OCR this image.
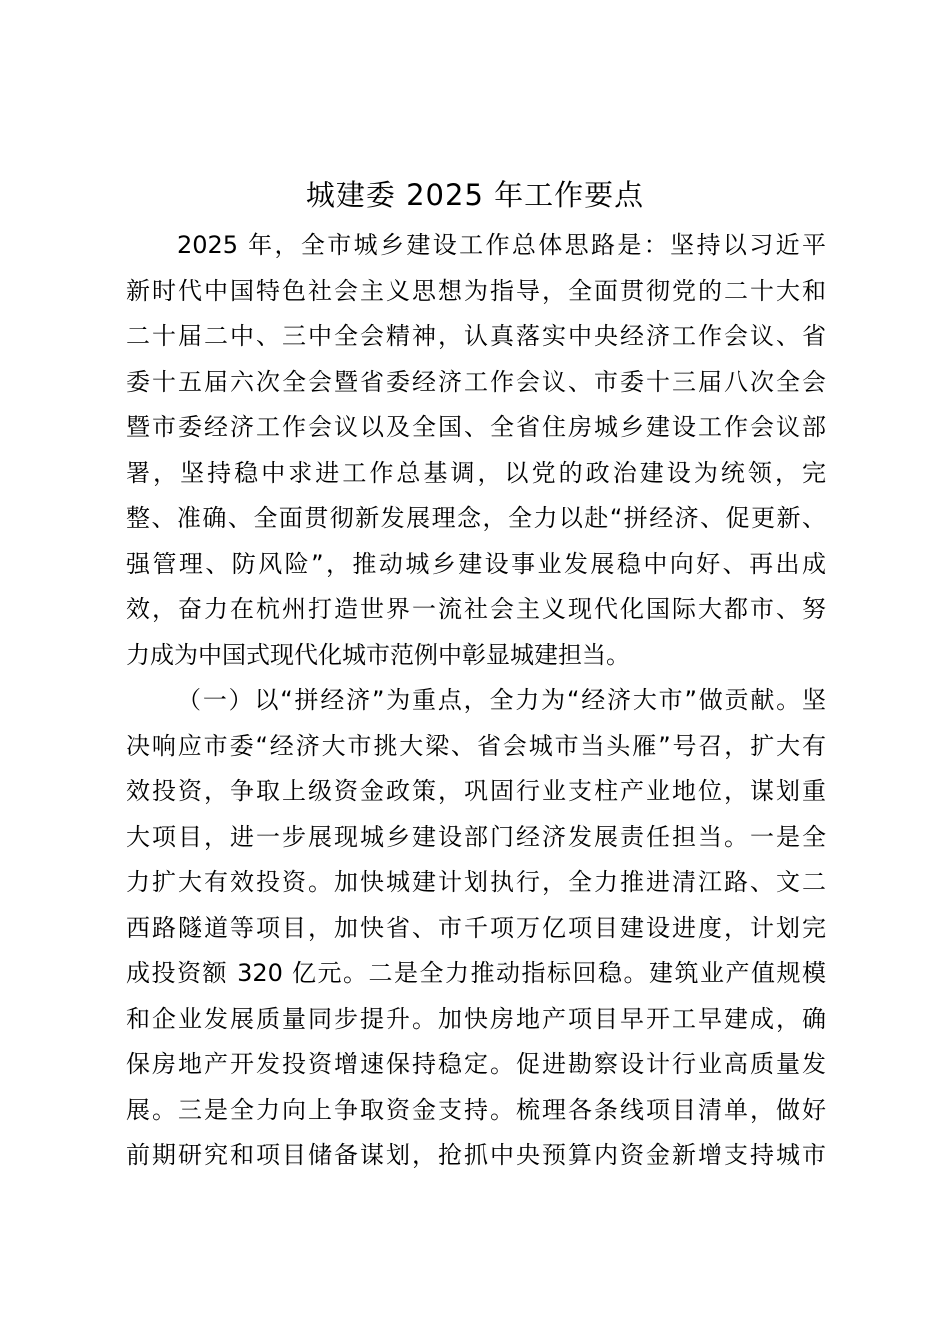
城建委 2025 年工作要点
2025 年，全市城乡建设工作总体思路是：坚持以习近平
新时代中国特色社会主义思想为指导，全面贯彻党的二十大和
二十届二中、三中全会精神，认真落实中央经济工作会议、省
委十五届六次全会暨省委经济工作会议、市委十三届八次全会
暨市委经济工作会议以及全国、全省住房城乡建设工作会议部
署，坚持稳中求进工作总基调，以党的政治建设为统领，完
整、准确、全面贯彻新发展理念，全力以赴“拼经济、促更新、
强管理、防风险”，推动城乡建设事业发展稳中向好、再出成
效，奋力在杭州打造世界一流社会主义现代化国际大都市、努
力成为中国式现代化城市范例中彰显城建担当。
（一）以“拼经济”为重点，全力为“经济大市”做贡献。坚
决响应市委“经济大市挑大梁、省会城市当头雁”号召，扩大有
效投资，争取上级资金政策，巩固行业支柱产业地位，谋划重
大项目，进一步展现城乡建设部门经济发展责任担当。一是全
力扩大有效投资。加快城建计划执行，全力推进清江路、文二
西路隧道等项目，加快省、市千项万亿项目建设进度，计划完
成投资额 320 亿元。二是全力推动指标回稳。建筑业产值规模
和企业发展质量同步提升。加快房地产项目早开工早建成，确
保房地产开发投资增速保持稳定。促进勘察设计行业高质量发
展。三是全力向上争取资金支持。梳理各条线项目清单，做好
前期研究和项目储备谋划，抢抓中央预算内资金新增支持城市
